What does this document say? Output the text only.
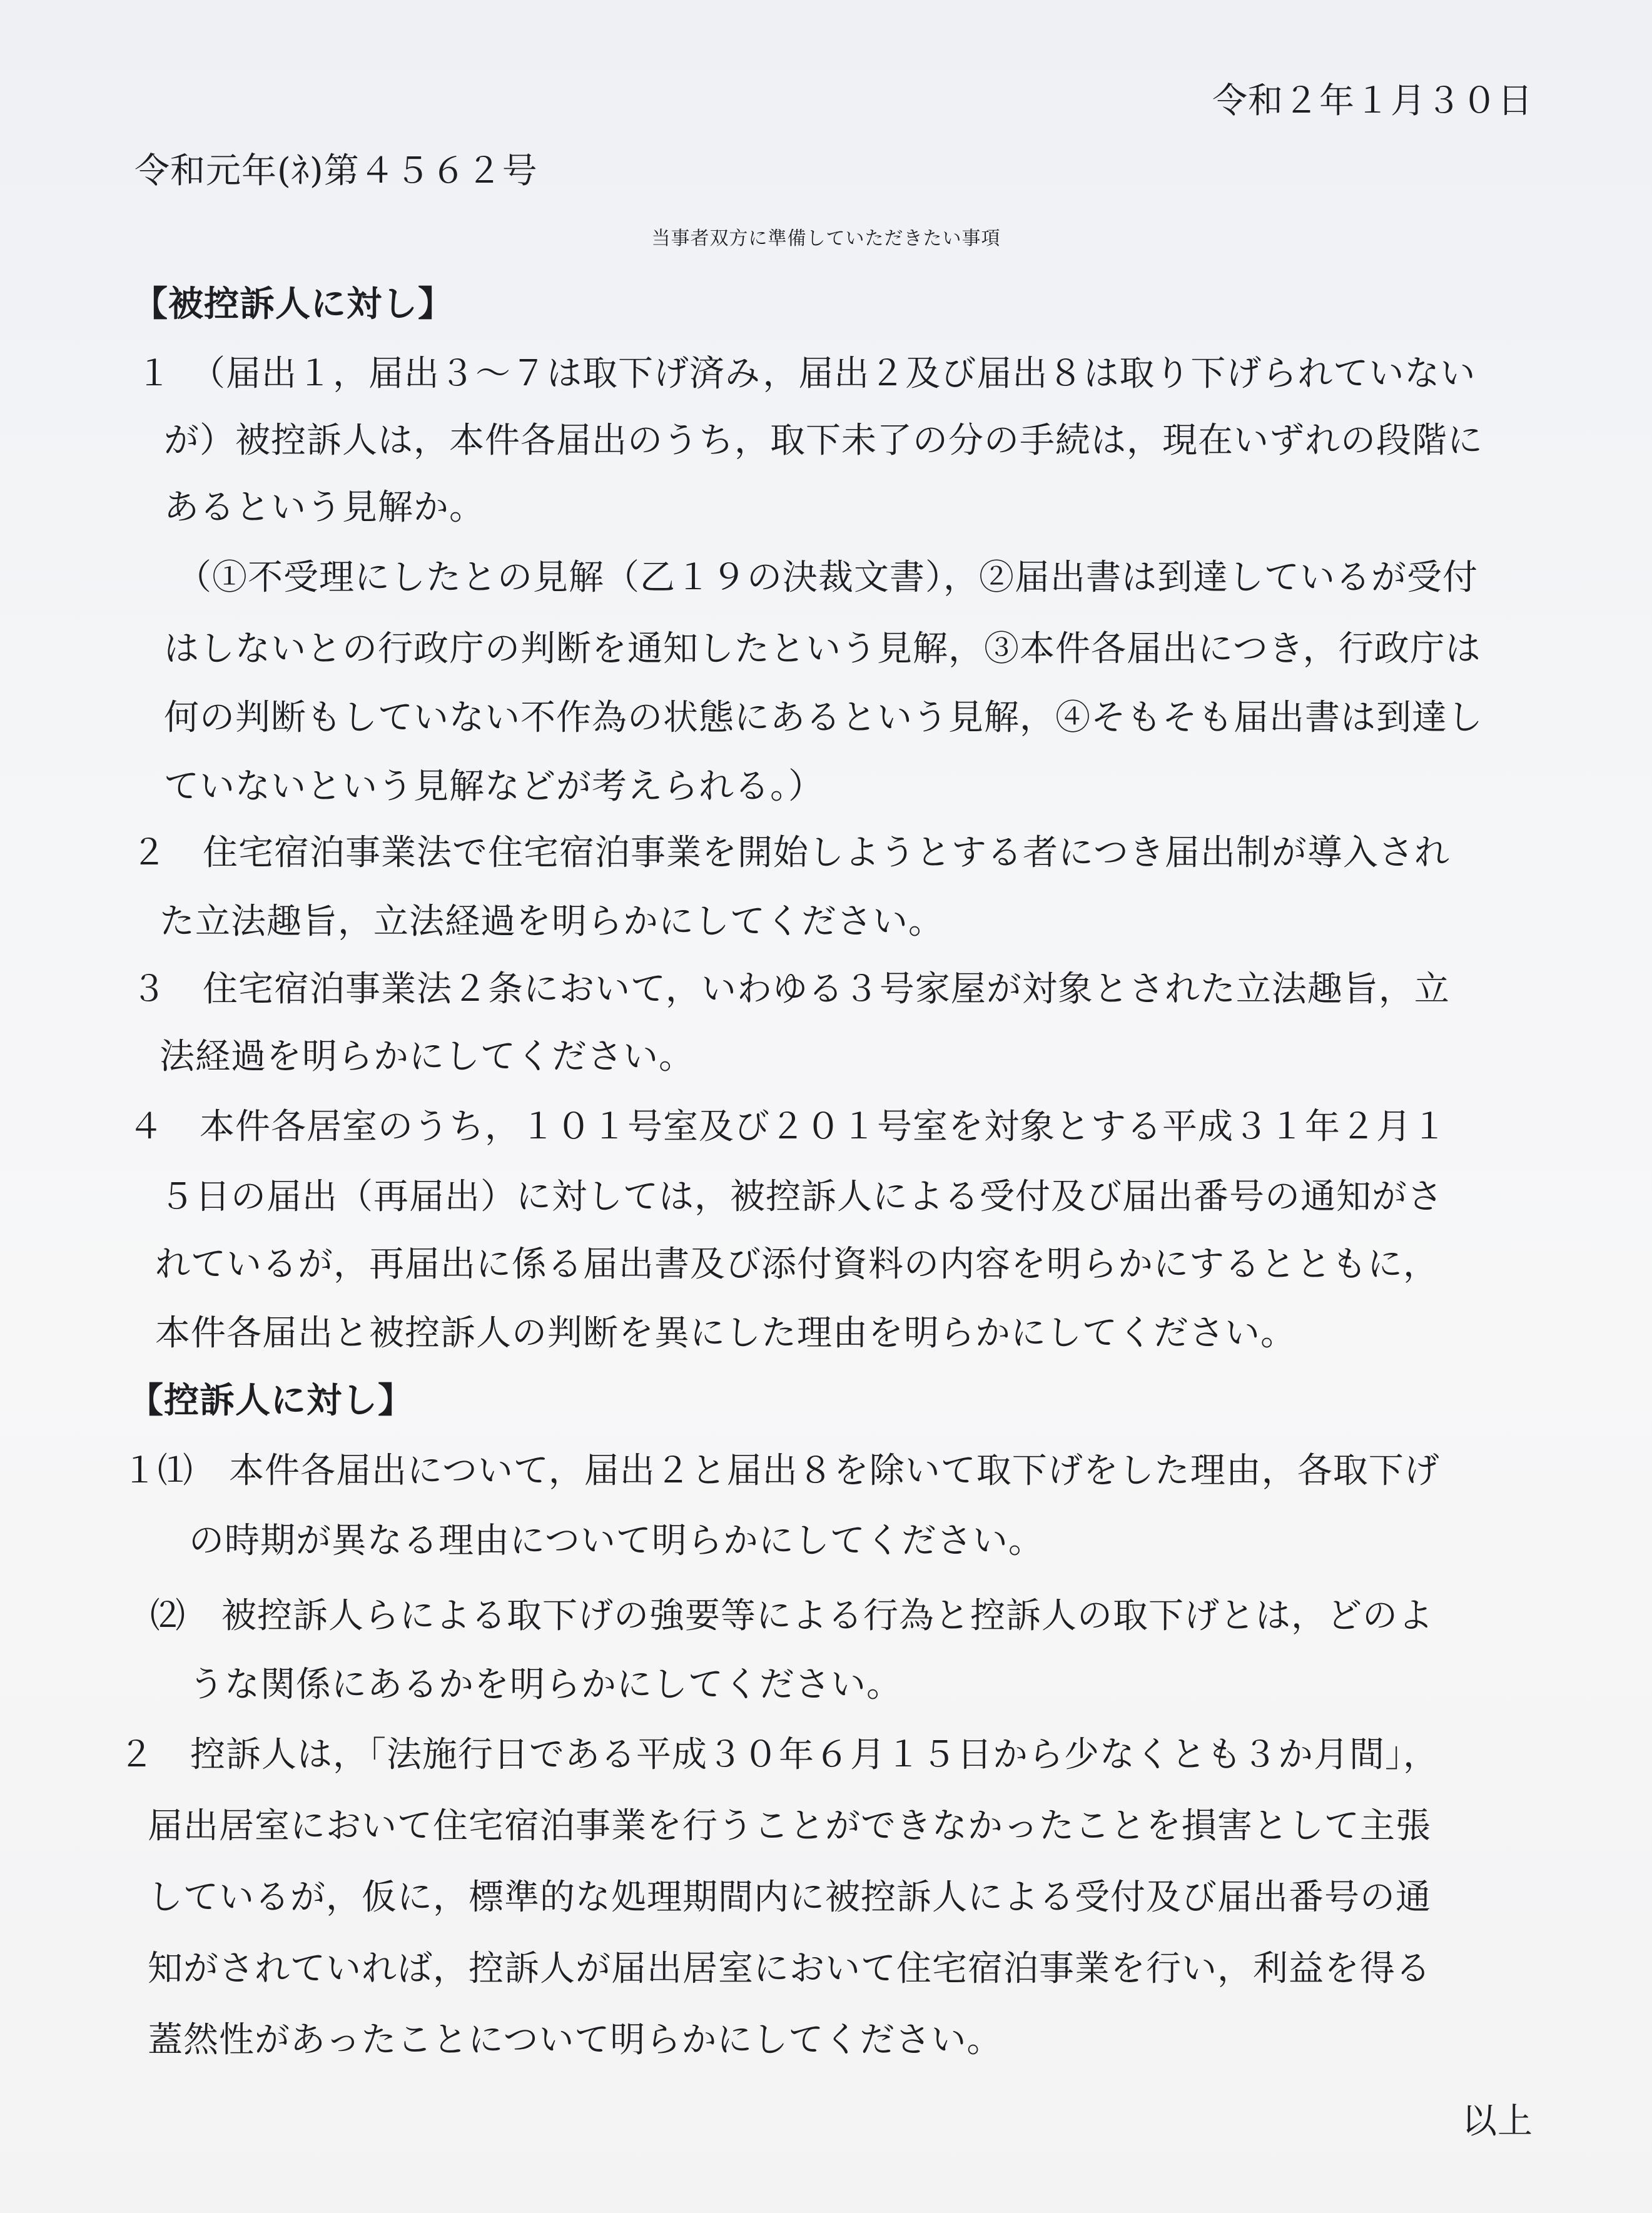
令和２年１月３０日
令和元年(ﾈ)第４５６２号
当事者双方に準備していただきたい事項
【被控訴人に対し】
１　（届出１，届出３～７は取下げ済み，届出２及び届出８は取り下げられていない
が）被控訴人は，本件各届出のうち，取下未了の分の手続は，現在いずれの段階に
あるという見解か。
（①不受理にしたとの見解（乙１９の決裁文書），②届出書は到達しているが受付
はしないとの行政庁の判断を通知したという見解，③本件各届出につき，行政庁は
何の判断もしていない不作為の状態にあるという見解，④そもそも届出書は到達し
ていないという見解などが考えられる。）
２　住宅宿泊事業法で住宅宿泊事業を開始しようとする者につき届出制が導入され
た立法趣旨，立法経過を明らかにしてください。
３　住宅宿泊事業法２条において，いわゆる３号家屋が対象とされた立法趣旨，立
法経過を明らかにしてください。
４　本件各居室のうち，１０１号室及び２０１号室を対象とする平成３１年２月１
５日の届出（再届出）に対しては，被控訴人による受付及び届出番号の通知がさ
れているが，再届出に係る届出書及び添付資料の内容を明らかにするとともに，
本件各届出と被控訴人の判断を異にした理由を明らかにしてください。
【控訴人に対し】
１⑴　本件各届出について，届出２と届出８を除いて取下げをした理由，各取下げ
の時期が異なる理由について明らかにしてください。
⑵　被控訴人らによる取下げの強要等による行為と控訴人の取下げとは，どのよ
うな関係にあるかを明らかにしてください。
２　控訴人は，「法施行日である平成３０年６月１５日から少なくとも３か月間」，
届出居室において住宅宿泊事業を行うことができなかったことを損害として主張
しているが，仮に，標準的な処理期間内に被控訴人による受付及び届出番号の通
知がされていれば，控訴人が届出居室において住宅宿泊事業を行い，利益を得る
蓋然性があったことについて明らかにしてください。
以上
